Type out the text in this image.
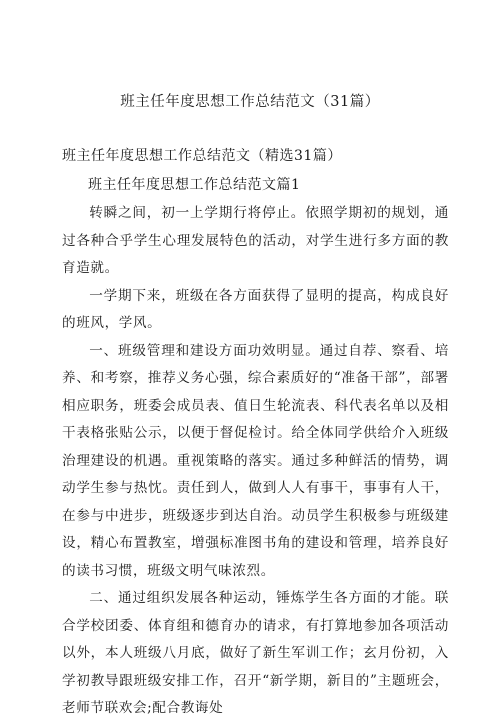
班主任年度思想工作总结范文（31篇）
班主任年度思想工作总结范文（精选31篇）
班主任年度思想工作总结范文篇1

转瞬之间，初一上学期行将停止。依照学期初的规划，通过各种合乎学生心理发展特色的活动，对学生进行多方面的教育造就。

一学期下来，班级在各方面获得了显明的提高，构成良好的班风，学风。

一、班级管理和建设方面功效明显。通过自荐、察看、培养、和考察，推荐义务心强，综合素质好的“准备干部”，部署相应职务，班委会成员表、值日生轮流表、科代表名单以及相干表格张贴公示，以便于督促检讨。给全体同学供给介入班级治理建设的机遇。重视策略的落实。通过多种鲜活的情势，调动学生参与热忱。责任到人，做到人人有事干，事事有人干，在参与中进步，班级逐步到达自治。动员学生积极参与班级建设，精心布置教室，增强标准图书角的建设和管理，培养良好的读书习惯，班级文明气味浓烈。

二、通过组织发展各种运动，锤炼学生各方面的才能。联合学校团委、体育组和德育办的请求，有打算地参加各项活动以外，本人班级八月底，做好了新生军训工作；玄月份初，入学初教导跟班级安排工作，召开“新学期，新目的”主题班会，老师节联欢会;配合教诲处
